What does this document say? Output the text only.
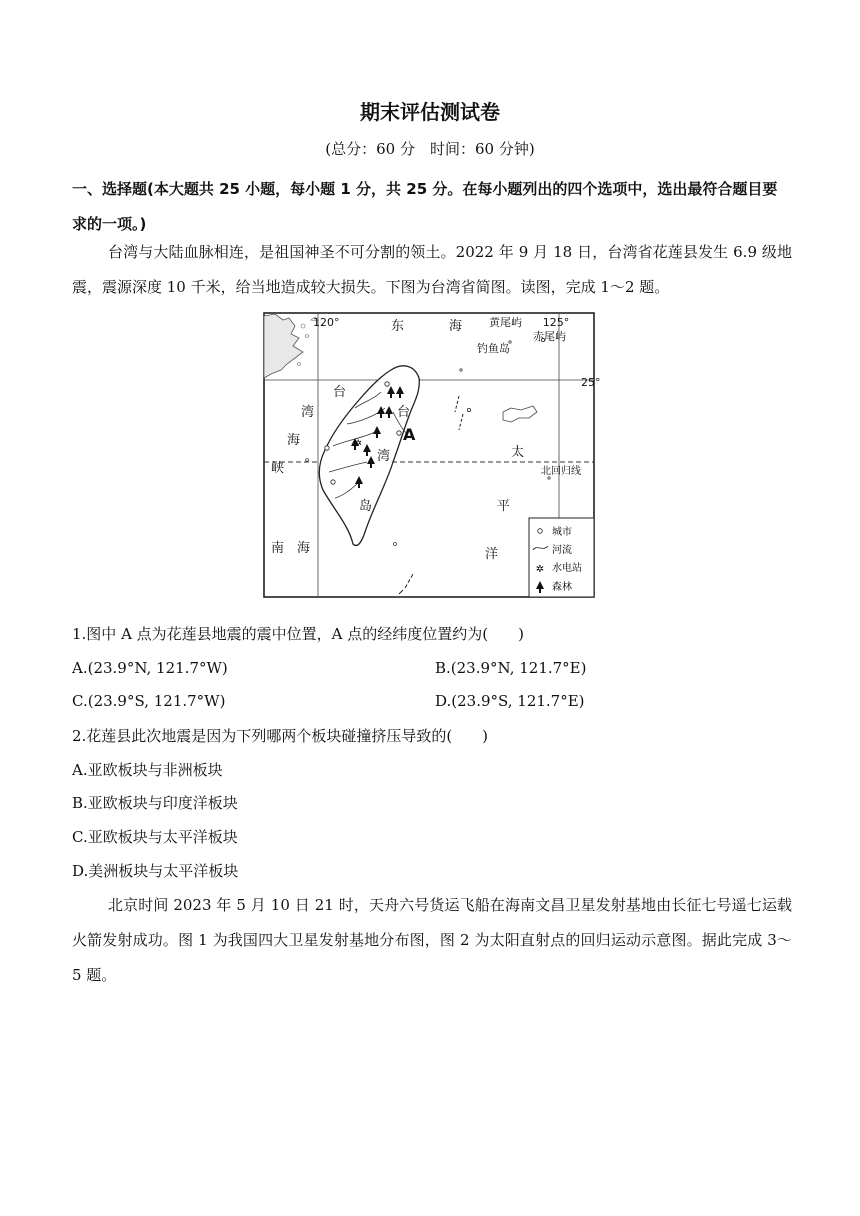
期末评估测试卷
(总分：60 分　时间：60 分钟)
一、选择题(本大题共 25 小题，每小题 1 分，共 25 分。在每小题列出的四个选项中，选出最符合题目要求的一项。)
台湾与大陆血脉相连，是祖国神圣不可分割的领土。2022 年 9 月 18 日，台湾省花莲县发生 6.9 级地震，震源深度 10 千米，给当地造成较大损失。下图为台湾省简图。读图，完成 1～2 题。
✲
120°	125°
25°
东	海 黄尾屿
赤尾屿
钓鱼岛
台
湾
海
峡
台
湾
岛
A
太
平
洋
北回归线
南 海
城市
河流
✲ 水电站
森林
1.图中 A 点为花莲县地震的震中位置，A 点的经纬度位置约为(　　)
A.(23.9°N, 121.7°W)	B.(23.9°N, 121.7°E)
C.(23.9°S, 121.7°W)	D.(23.9°S, 121.7°E)
2.花莲县此次地震是因为下列哪两个板块碰撞挤压导致的(　　)
A.亚欧板块与非洲板块
B.亚欧板块与印度洋板块
C.亚欧板块与太平洋板块
D.美洲板块与太平洋板块
北京时间 2023 年 5 月 10 日 21 时，天舟六号货运飞船在海南文昌卫星发射基地由长征七号遥七运载火箭发射成功。图 1 为我国四大卫星发射基地分布图，图 2 为太阳直射点的回归运动示意图。据此完成 3～5 题。
